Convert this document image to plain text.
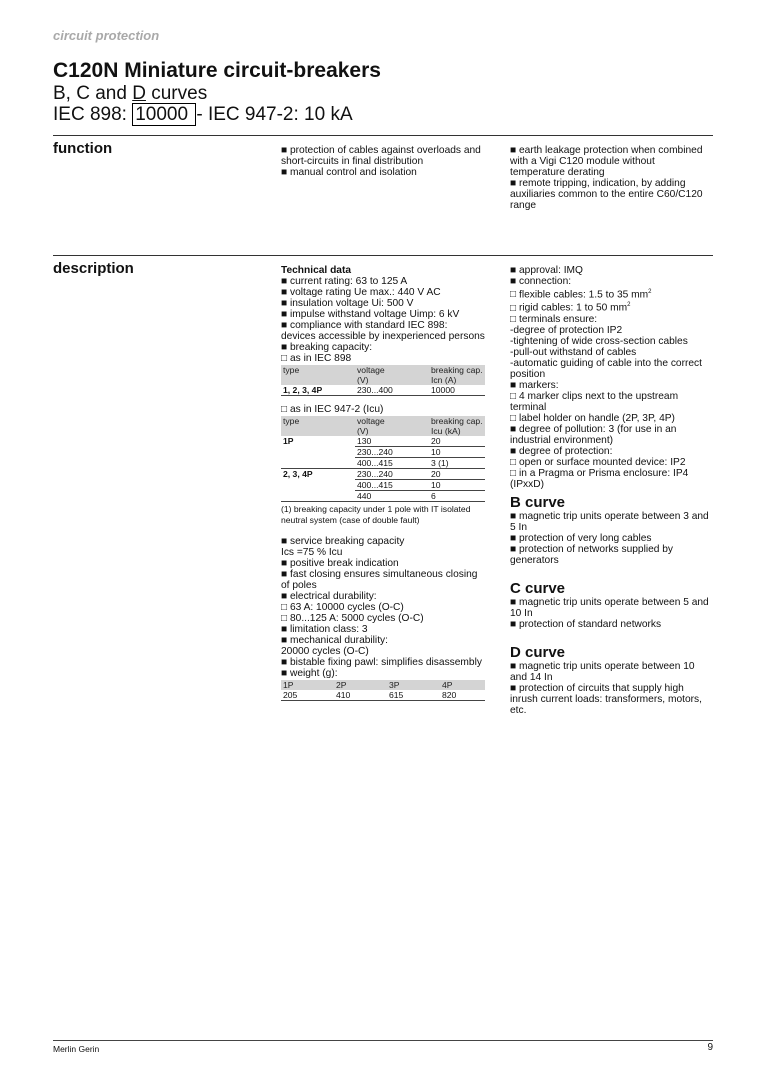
circuit protection
C120N Miniature circuit-breakers
B, C and D curves
IEC 898: 10000 - IEC 947-2: 10 kA
function	■ protection of cables against overloads and short-circuits in final distribution

■ manual control and isolation

■ earth leakage protection when combined with a Vigi C120 module without temperature derating

■ remote tripping, indication, by adding auxiliaries common to the entire C60/C120 range

description	Technical data

■ current rating: 63 to 125 A

■ voltage rating Ue max.: 440 V AC

■ insulation voltage Ui: 500 V

■ impulse withstand voltage Uimp: 6 kV

■ compliance with standard IEC 898:

devices accessible by inexperienced persons

■ breaking capacity:

□ as in IEC 898

type	voltage	breaking cap.
	(V)	Icn (A)
1, 2, 3, 4P	230...400	10000

□ as in IEC 947-2 (Icu)

type	voltage	breaking cap.
	(V)	Icu (kA)
1P	130	20
	230...240	10
	400...415	3 (1)
2, 3, 4P	230...240	20
	400...415	10
	440	6

(1) breaking capacity under 1 pole with IT isolated neutral system (case of double fault)

■ service breaking capacity

Ics =75 % Icu

■ positive break indication

■ fast closing ensures simultaneous closing of poles

■ electrical durability:

□ 63 A: 10000 cycles (O-C)

□ 80...125 A: 5000 cycles (O-C)

■ limitation class: 3

■ mechanical durability:

20000 cycles (O-C)

■ bistable fixing pawl: simplifies disassembly

■ weight (g):

1P	2P	3P	4P
205	410	615	820

■ approval: IMQ

■ connection:

□ flexible cables: 1.5 to 35 $mm^2$

□ rigid cables: 1 to 50 $mm^2$

□ terminals ensure:

-degree of protection IP2

-tightening of wide cross-section cables

-pull-out withstand of cables

-automatic guiding of cable into the correct position

■ markers:

□ 4 marker clips next to the upstream terminal

□ label holder on handle (2P, 3P, 4P)

■ degree of pollution: 3 (for use in an industrial environment)

■ degree of protection:

□ open or surface mounted device: IP2

□ in a Pragma or Prisma enclosure: IP4 (IPxxD)

B curve

■ magnetic trip units operate between 3 and 5 In

■ protection of very long cables

■ protection of networks supplied by generators

C curve

■ magnetic trip units operate between 5 and 10 In

■ protection of standard networks

D curve

■ magnetic trip units operate between 10 and 14 In

■ protection of circuits that supply high inrush current loads: transformers, motors, etc.

Merlin Gerin	9
